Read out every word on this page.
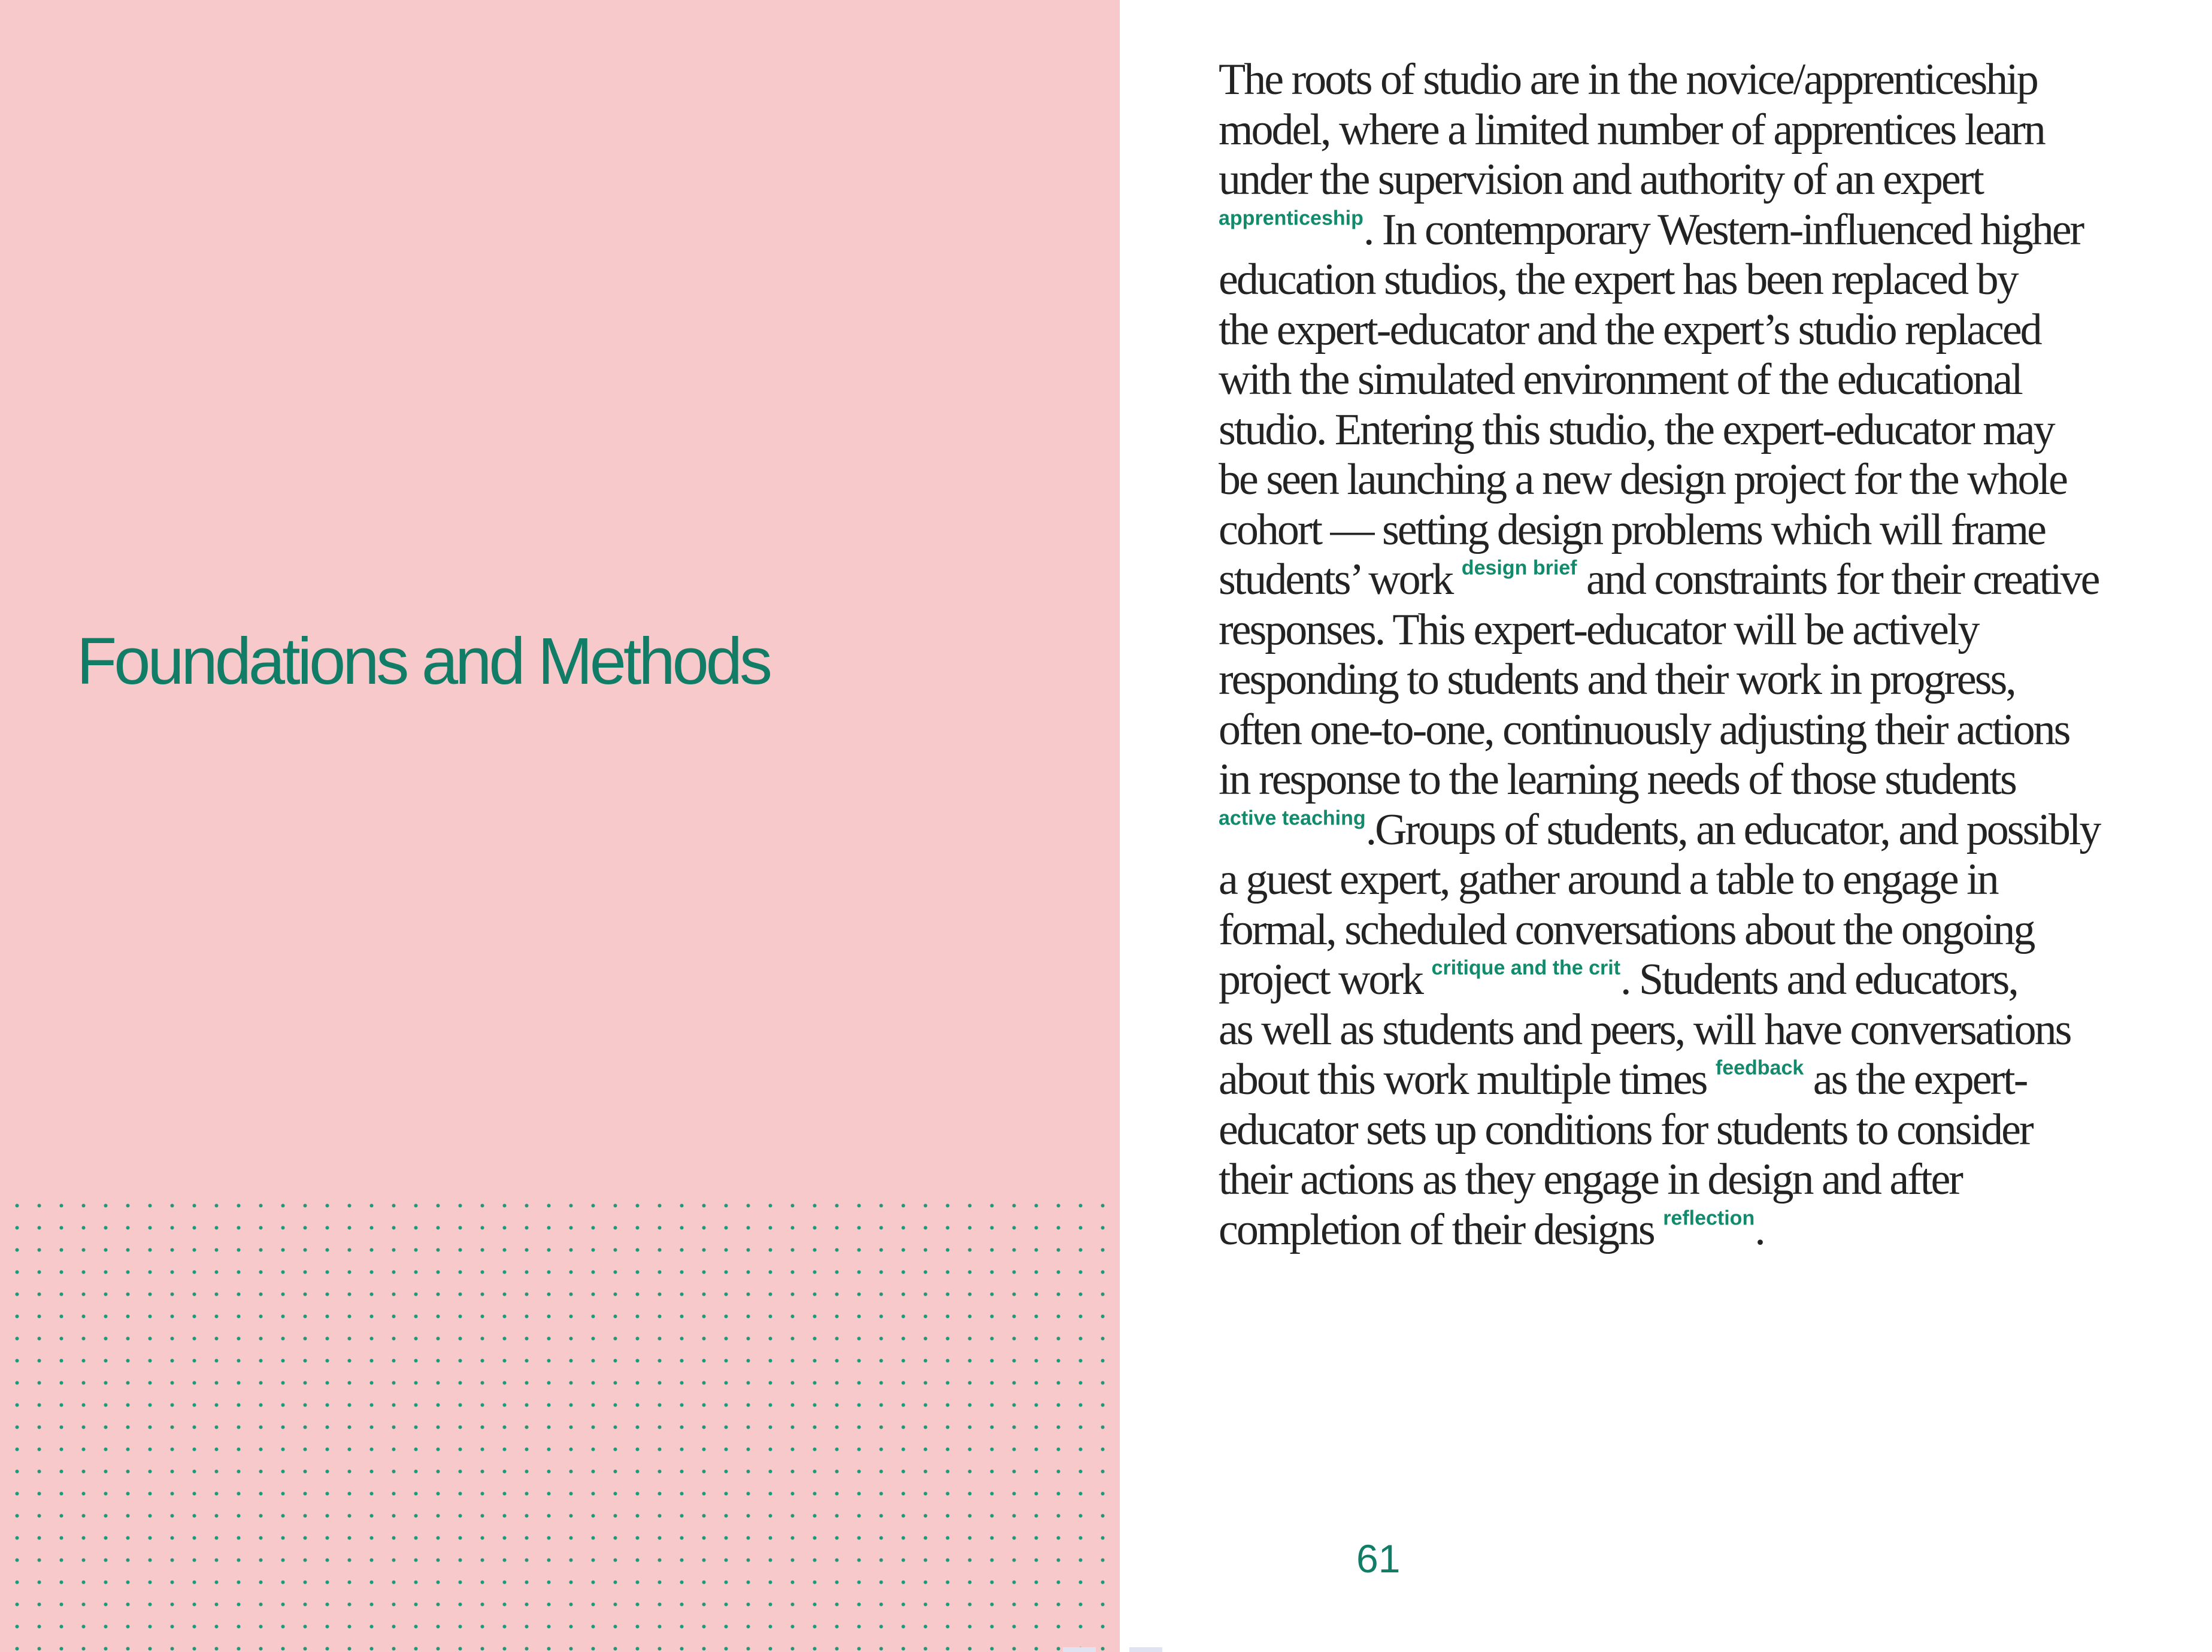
Foundations and Methods

The roots of studio are in the novice/apprenticeship
model, where a limited number of apprentices learn
under the supervision and authority of an expert
$^{apprenticeship}$. In contemporary Western-influenced higher
education studios, the expert has been replaced by
the expert-educator and the expert’s studio replaced
with the simulated environment of the educational
studio. Entering this studio, the expert-educator may
be seen launching a new design project for the whole
cohort — setting design problems which will frame
students’ work $^{design brief}$ and constraints for their creative
responses. This expert-educator will be actively
responding to students and their work in progress,
often one-to-one, continuously adjusting their actions
in response to the learning needs of those students
$^{active teaching}$.Groups of students, an educator, and possibly
a guest expert, gather around a table to engage in
formal, scheduled conversations about the ongoing
project work $^{critique and the crit}$. Students and educators,
as well as students and peers, will have conversations
about this work multiple times $^{feedback}$ as the expert-
educator sets up conditions for students to consider
their actions as they engage in design and after
completion of their designs $^{reflection}$.

61
